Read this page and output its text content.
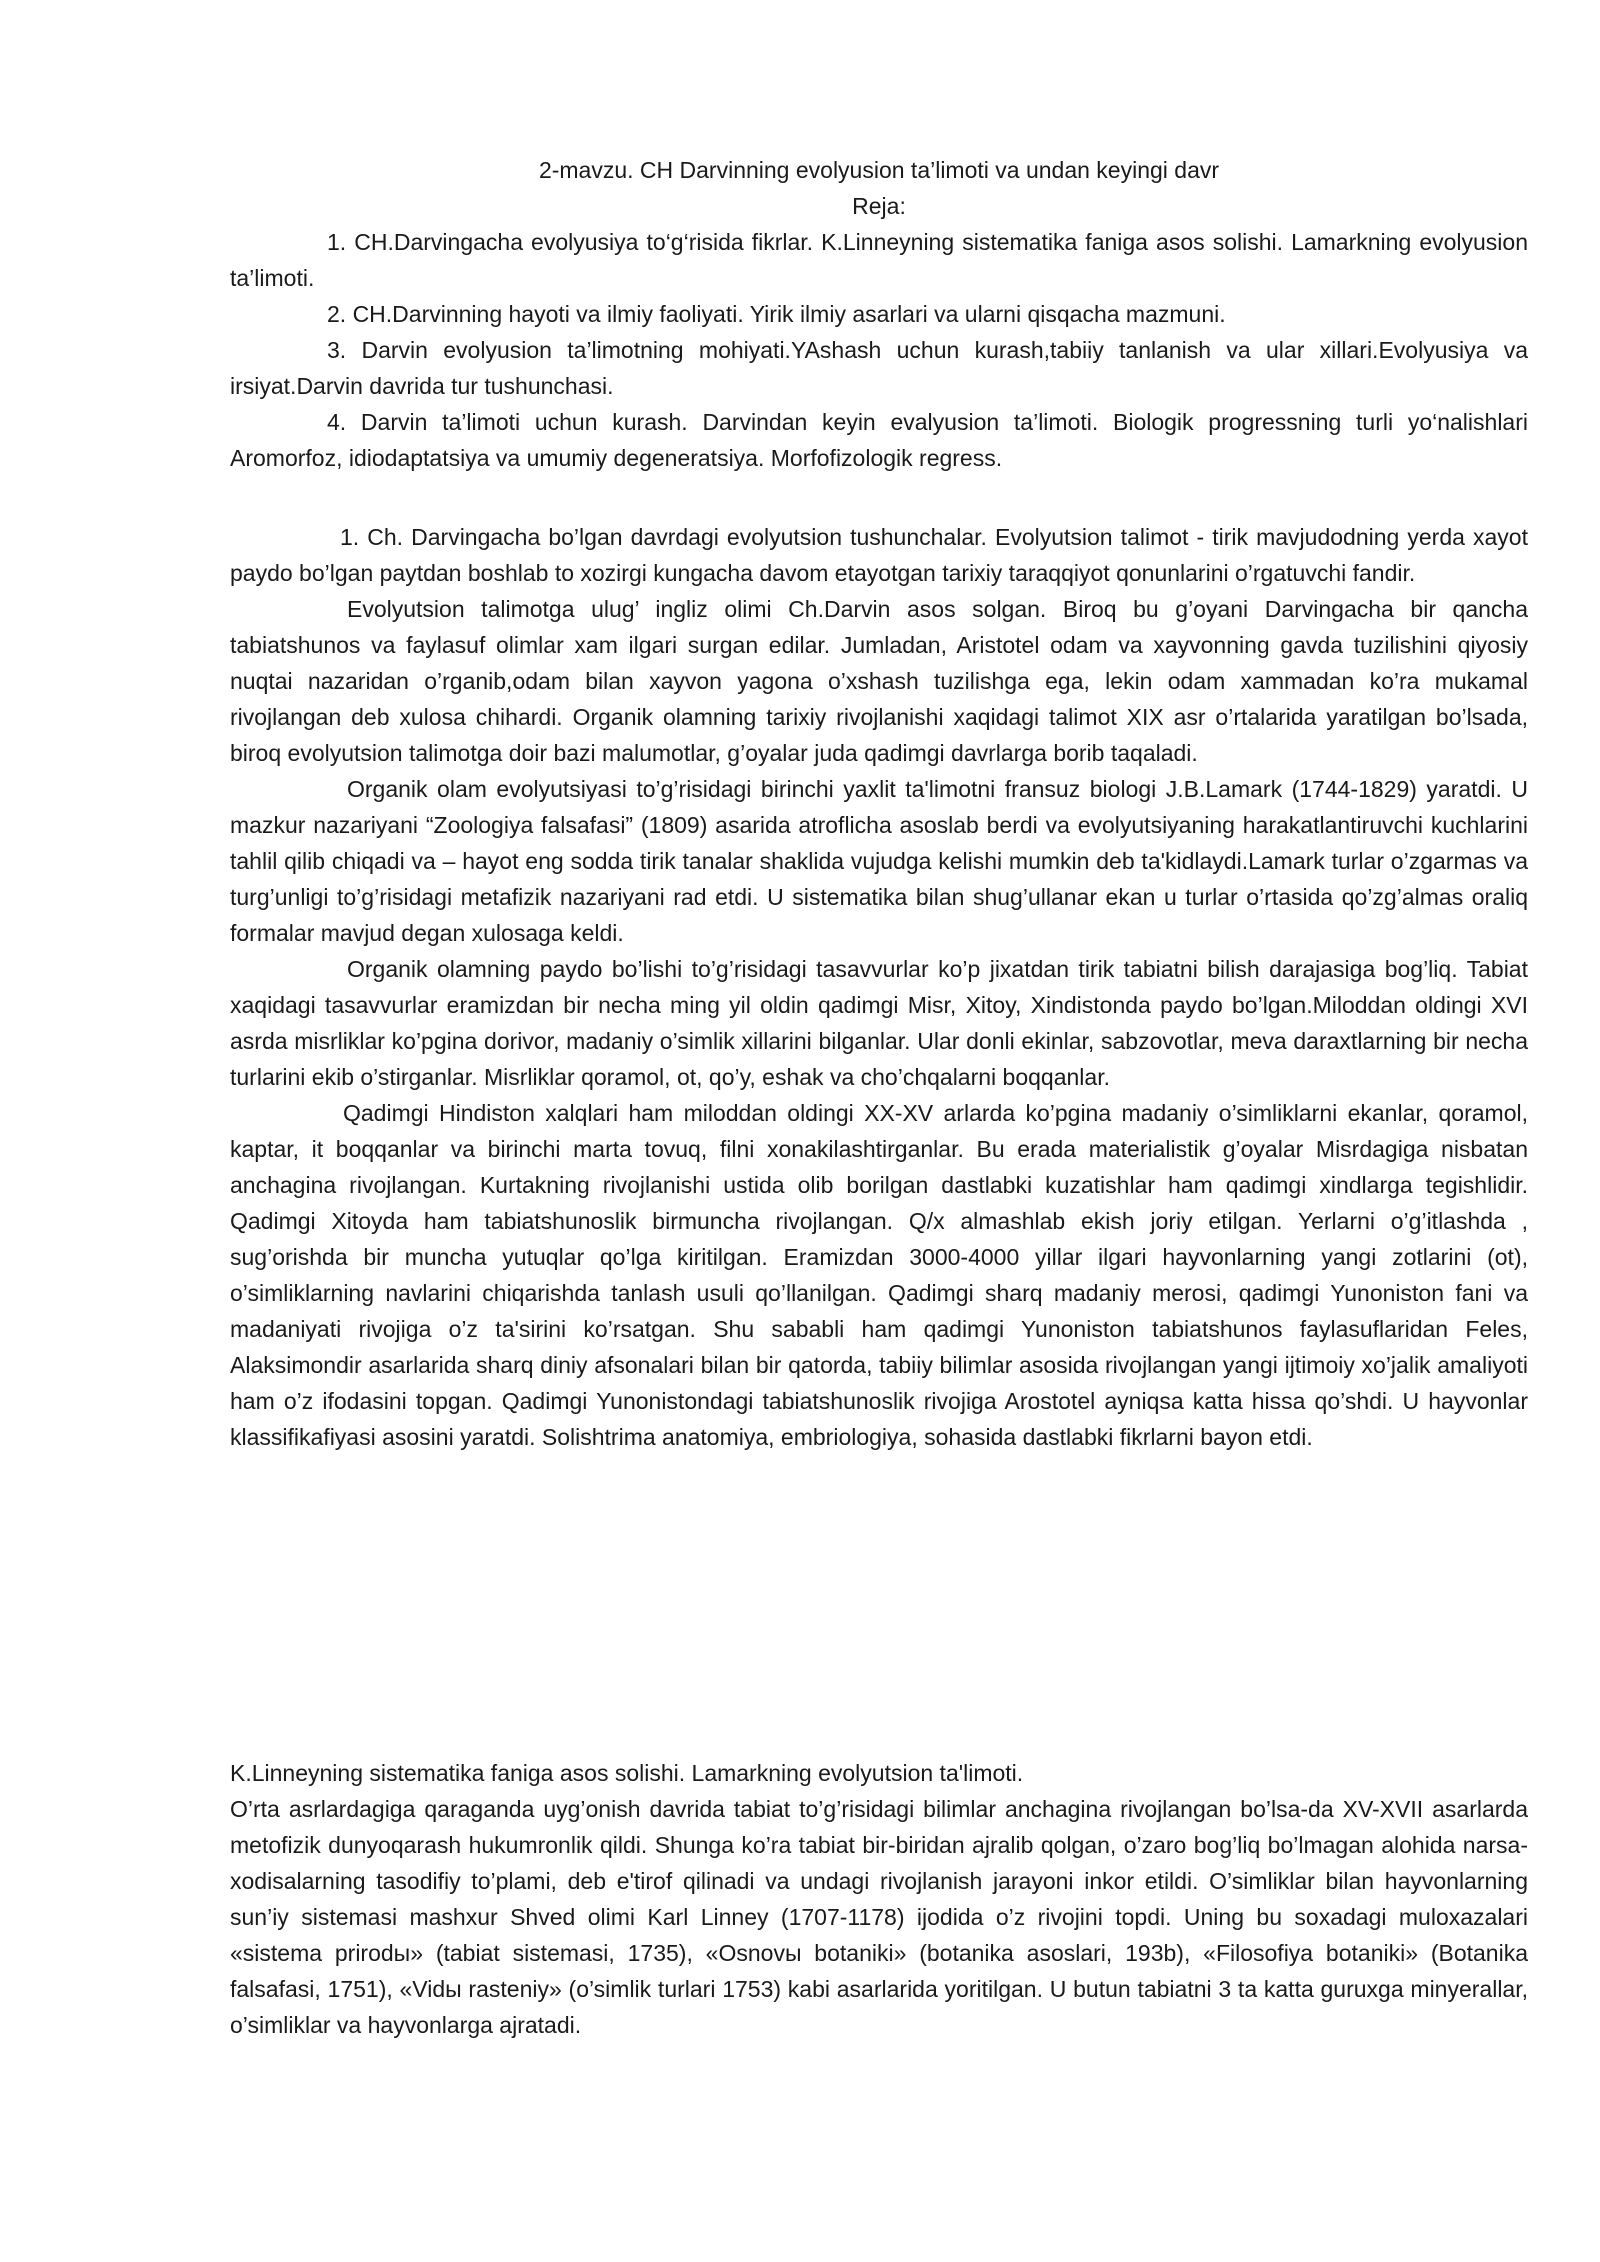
2-mavzu. CH Darvinning evolyusion ta’limoti va undan keyingi davr

Reja:

1. CH.Darvingacha evolyusiya to‘g‘risida fikrlar. K.Linneyning sistematika faniga asos solishi. Lamarkning evolyusion ta’limoti.

2. CH.Darvinning hayoti va ilmiy faoliyati. Yirik ilmiy asarlari va ularni qisqacha mazmuni.

3. Darvin evolyusion ta’limotning mohiyati.YAshash uchun kurash,tabiiy tanlanish va ular xillari.Evolyusiya va irsiyat.Darvin davrida tur tushunchasi.

4. Darvin ta’limoti uchun kurash. Darvindan keyin evalyusion ta’limoti. Biologik progressning turli yo‘nalishlari Aromorfoz, idiodaptatsiya va umumiy degeneratsiya. Morfofizologik regress.

1. Ch. Darvingacha bo’lgan davrdagi evolyutsion tushunchalar. Evolyutsion talimot - tirik mavjudodning yerda xayot paydo bo’lgan paytdan boshlab to xozirgi kungacha davom etayotgan tarixiy taraqqiyot qonunlarini o’rgatuvchi fandir.

Evolyutsion talimotga ulug’ ingliz olimi Ch.Darvin asos solgan. Biroq bu g’oyani Darvingacha bir qancha tabiatshunos va faylasuf olimlar xam ilgari surgan edilar. Jumladan, Aristotel odam va xayvonning gavda tuzilishini qiyosiy nuqtai nazaridan o’rganib,odam bilan xayvon yagona o’xshash tuzilishga ega, lekin odam xammadan ko’ra mukamal rivojlangan deb xulosa chihardi. Organik olamning tarixiy rivojlanishi xaqidagi talimot XIX asr o’rtalarida yaratilgan bo’lsada, biroq evolyutsion talimotga doir bazi malumotlar, g’oyalar juda qadimgi davrlarga borib taqaladi.

Organik olam evolyutsiyasi to’g’risidagi birinchi yaxlit ta'limotni fransuz biologi J.B.Lamark (1744-1829) yaratdi. U mazkur nazariyani “Zoologiya falsafasi” (1809) asarida atroflicha asoslab berdi va evolyutsiyaning harakatlantiruvchi kuchlarini tahlil qilib chiqadi va – hayot eng sodda tirik tanalar shaklida vujudga kelishi mumkin deb ta'kidlaydi.Lamark turlar o’zgarmas va turg’unligi to’g’risidagi metafizik nazariyani rad etdi. U sistematika bilan shug’ullanar ekan u turlar o’rtasida qo’zg’almas oraliq formalar mavjud degan xulosaga keldi.

Organik olamning paydo bo’lishi to’g’risidagi tasavvurlar ko’p jixatdan tirik tabiatni bilish darajasiga bog’liq. Tabiat xaqidagi tasavvurlar eramizdan bir necha ming yil oldin qadimgi Misr, Xitoy, Xindistonda paydo bo’lgan.Miloddan oldingi XVI asrda misrliklar ko’pgina dorivor, madaniy o’simlik xillarini bilganlar. Ular donli ekinlar, sabzovotlar, meva daraxtlarning bir necha turlarini ekib o’stirganlar. Misrliklar qoramol, ot, qo’y, eshak va cho’chqalarni boqqanlar.

Qadimgi Hindiston xalqlari ham miloddan oldingi XX-XV arlarda ko’pgina madaniy o’simliklarni ekanlar, qoramol, kaptar, it boqqanlar va birinchi marta tovuq, filni xonakilashtirganlar. Bu erada materialistik g’oyalar Misrdagiga nisbatan anchagina rivojlangan. Kurtakning rivojlanishi ustida olib borilgan dastlabki kuzatishlar ham qadimgi xindlarga tegishlidir. Qadimgi Xitoyda ham tabiatshunoslik birmuncha rivojlangan. Q/x almashlab ekish joriy etilgan. Yerlarni o’g’itlashda , sug’orishda bir muncha yutuqlar qo’lga kiritilgan. Eramizdan 3000-4000 yillar ilgari hayvonlarning yangi zotlarini (ot), o’simliklarning navlarini chiqarishda tanlash usuli qo’llanilgan. Qadimgi sharq madaniy merosi, qadimgi Yunoniston fani va madaniyati rivojiga o’z ta'sirini ko’rsatgan. Shu sababli ham qadimgi Yunoniston tabiatshunos faylasuflaridan Feles, Alaksimondir asarlarida sharq diniy afsonalari bilan bir qatorda, tabiiy bilimlar asosida rivojlangan yangi ijtimoiy xo’jalik amaliyoti ham o’z ifodasini topgan. Qadimgi Yunonistondagi tabiatshunoslik rivojiga Arostotel ayniqsa katta hissa qo’shdi. U hayvonlar klassifikafiyasi asosini yaratdi. Solishtrima anatomiya, embriologiya, sohasida dastlabki fikrlarni bayon etdi.

K.Linneyning sistematika faniga asos solishi. Lamarkning evolyutsion ta'limoti.

O’rta asrlardagiga qaraganda uyg’onish davrida tabiat to’g’risidagi bilimlar anchagina rivojlangan bo’lsa-da XV-XVII asarlarda metofizik dunyoqarash hukumronlik qildi. Shunga ko’ra tabiat bir-biridan ajralib qolgan, o’zaro bog’liq bo’lmagan alohida narsa-xodisalarning tasodifiy to’plami, deb e'tirof qilinadi va undagi rivojlanish jarayoni inkor etildi. O’simliklar bilan hayvonlarning sun’iy sistemasi mashxur Shved olimi Karl Linney (1707-1178) ijodida o’z rivojini topdi. Uning bu soxadagi muloxazalari «sistema prirodы» (tabiat sistemasi, 1735), «Osnovы botaniki» (botanika asoslari, 193b), «Filosofiya botaniki» (Botanika falsafasi, 1751), «Vidы rasteniy» (o’simlik turlari 1753) kabi asarlarida yoritilgan. U butun tabiatni 3 ta katta guruxga minyerallar, o’simliklar va hayvonlarga ajratadi.
